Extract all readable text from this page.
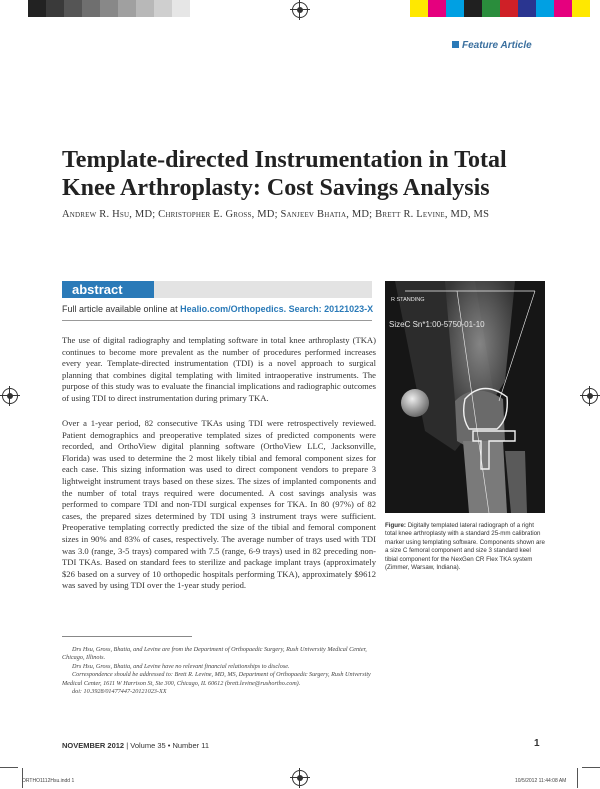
Feature Article
Template-directed Instrumentation in Total Knee Arthroplasty: Cost Savings Analysis
Andrew R. Hsu, MD; Christopher E. Gross, MD; Sanjeev Bhatia, MD; Brett R. Levine, MD, MS
abstract
Full article available online at Healio.com/Orthopedics. Search: 20121023-X
The use of digital radiography and templating software in total knee arthroplasty (TKA) continues to become more prevalent as the number of procedures performed increases every year. Template-directed instrumentation (TDI) is a novel approach to surgical planning that combines digital templating with limited intraoperative instruments. The purpose of this study was to evaluate the financial implications and radiographic outcomes of using TDI to direct instrumentation during primary TKA.
Over a 1-year period, 82 consecutive TKAs using TDI were retrospectively reviewed. Patient demographics and preoperative templated sizes of predicted components were recorded, and OrthoView digital planning software (OrthoView LLC, Jacksonville, Florida) was used to determine the 2 most likely tibial and femoral component sizes for each case. This sizing information was used to direct component vendors to prepare 3 lightweight instrument trays based on these sizes. The sizes of implanted components and the number of total trays required were documented. A cost savings analysis was performed to compare TDI and non-TDI surgical expenses for TKA. In 80 (97%) of 82 cases, the prepared sizes determined by TDI using 3 instrument trays were sufficient. Preoperative templating correctly predicted the size of the tibial and femoral component sizes in 90% and 83% of cases, respectively. The average number of trays used with TDI was 3.0 (range, 3-5 trays) compared with 7.5 (range, 6-9 trays) used in 82 preceding non-TDI TKAs. Based on standard fees to sterilize and package implant trays (approximately $26 based on a survey of 10 orthopedic hospitals performing TKA), approximately $9612 was saved by using TDI over the 1-year study period.
R STANDING
SizeC Sn*1:00-5750-01-10
Figure: Digitally templated lateral radiograph of a right total knee arthroplasty with a standard 25-mm calibration marker using templating software. Components shown are a size C femoral component and size 3 standard keel tibial component for the NexGen CR Flex TKA system (Zimmer, Warsaw, Indiana).

Drs Hsu, Gross, Bhatia, and Levine are from the Department of Orthopaedic Surgery, Rush University Medical Center, Chicago, Illinois.

Drs Hsu, Gross, Bhatia, and Levine have no relevant financial relationships to disclose.

Correspondence should be addressed to: Brett R. Levine, MD, MS, Department of Orthopaedic Surgery, Rush University Medical Center, 1611 W Harrison St, Ste 300, Chicago, IL 60612 (brett.levine@rushortho.com).

doi: 10.3928/01477447-20121023-XX

NOVEMBER 2012 | Volume 35 • Number 11	1
ORTHO1112Hsu.indd 1	10/5/2012 11:44:08 AM
